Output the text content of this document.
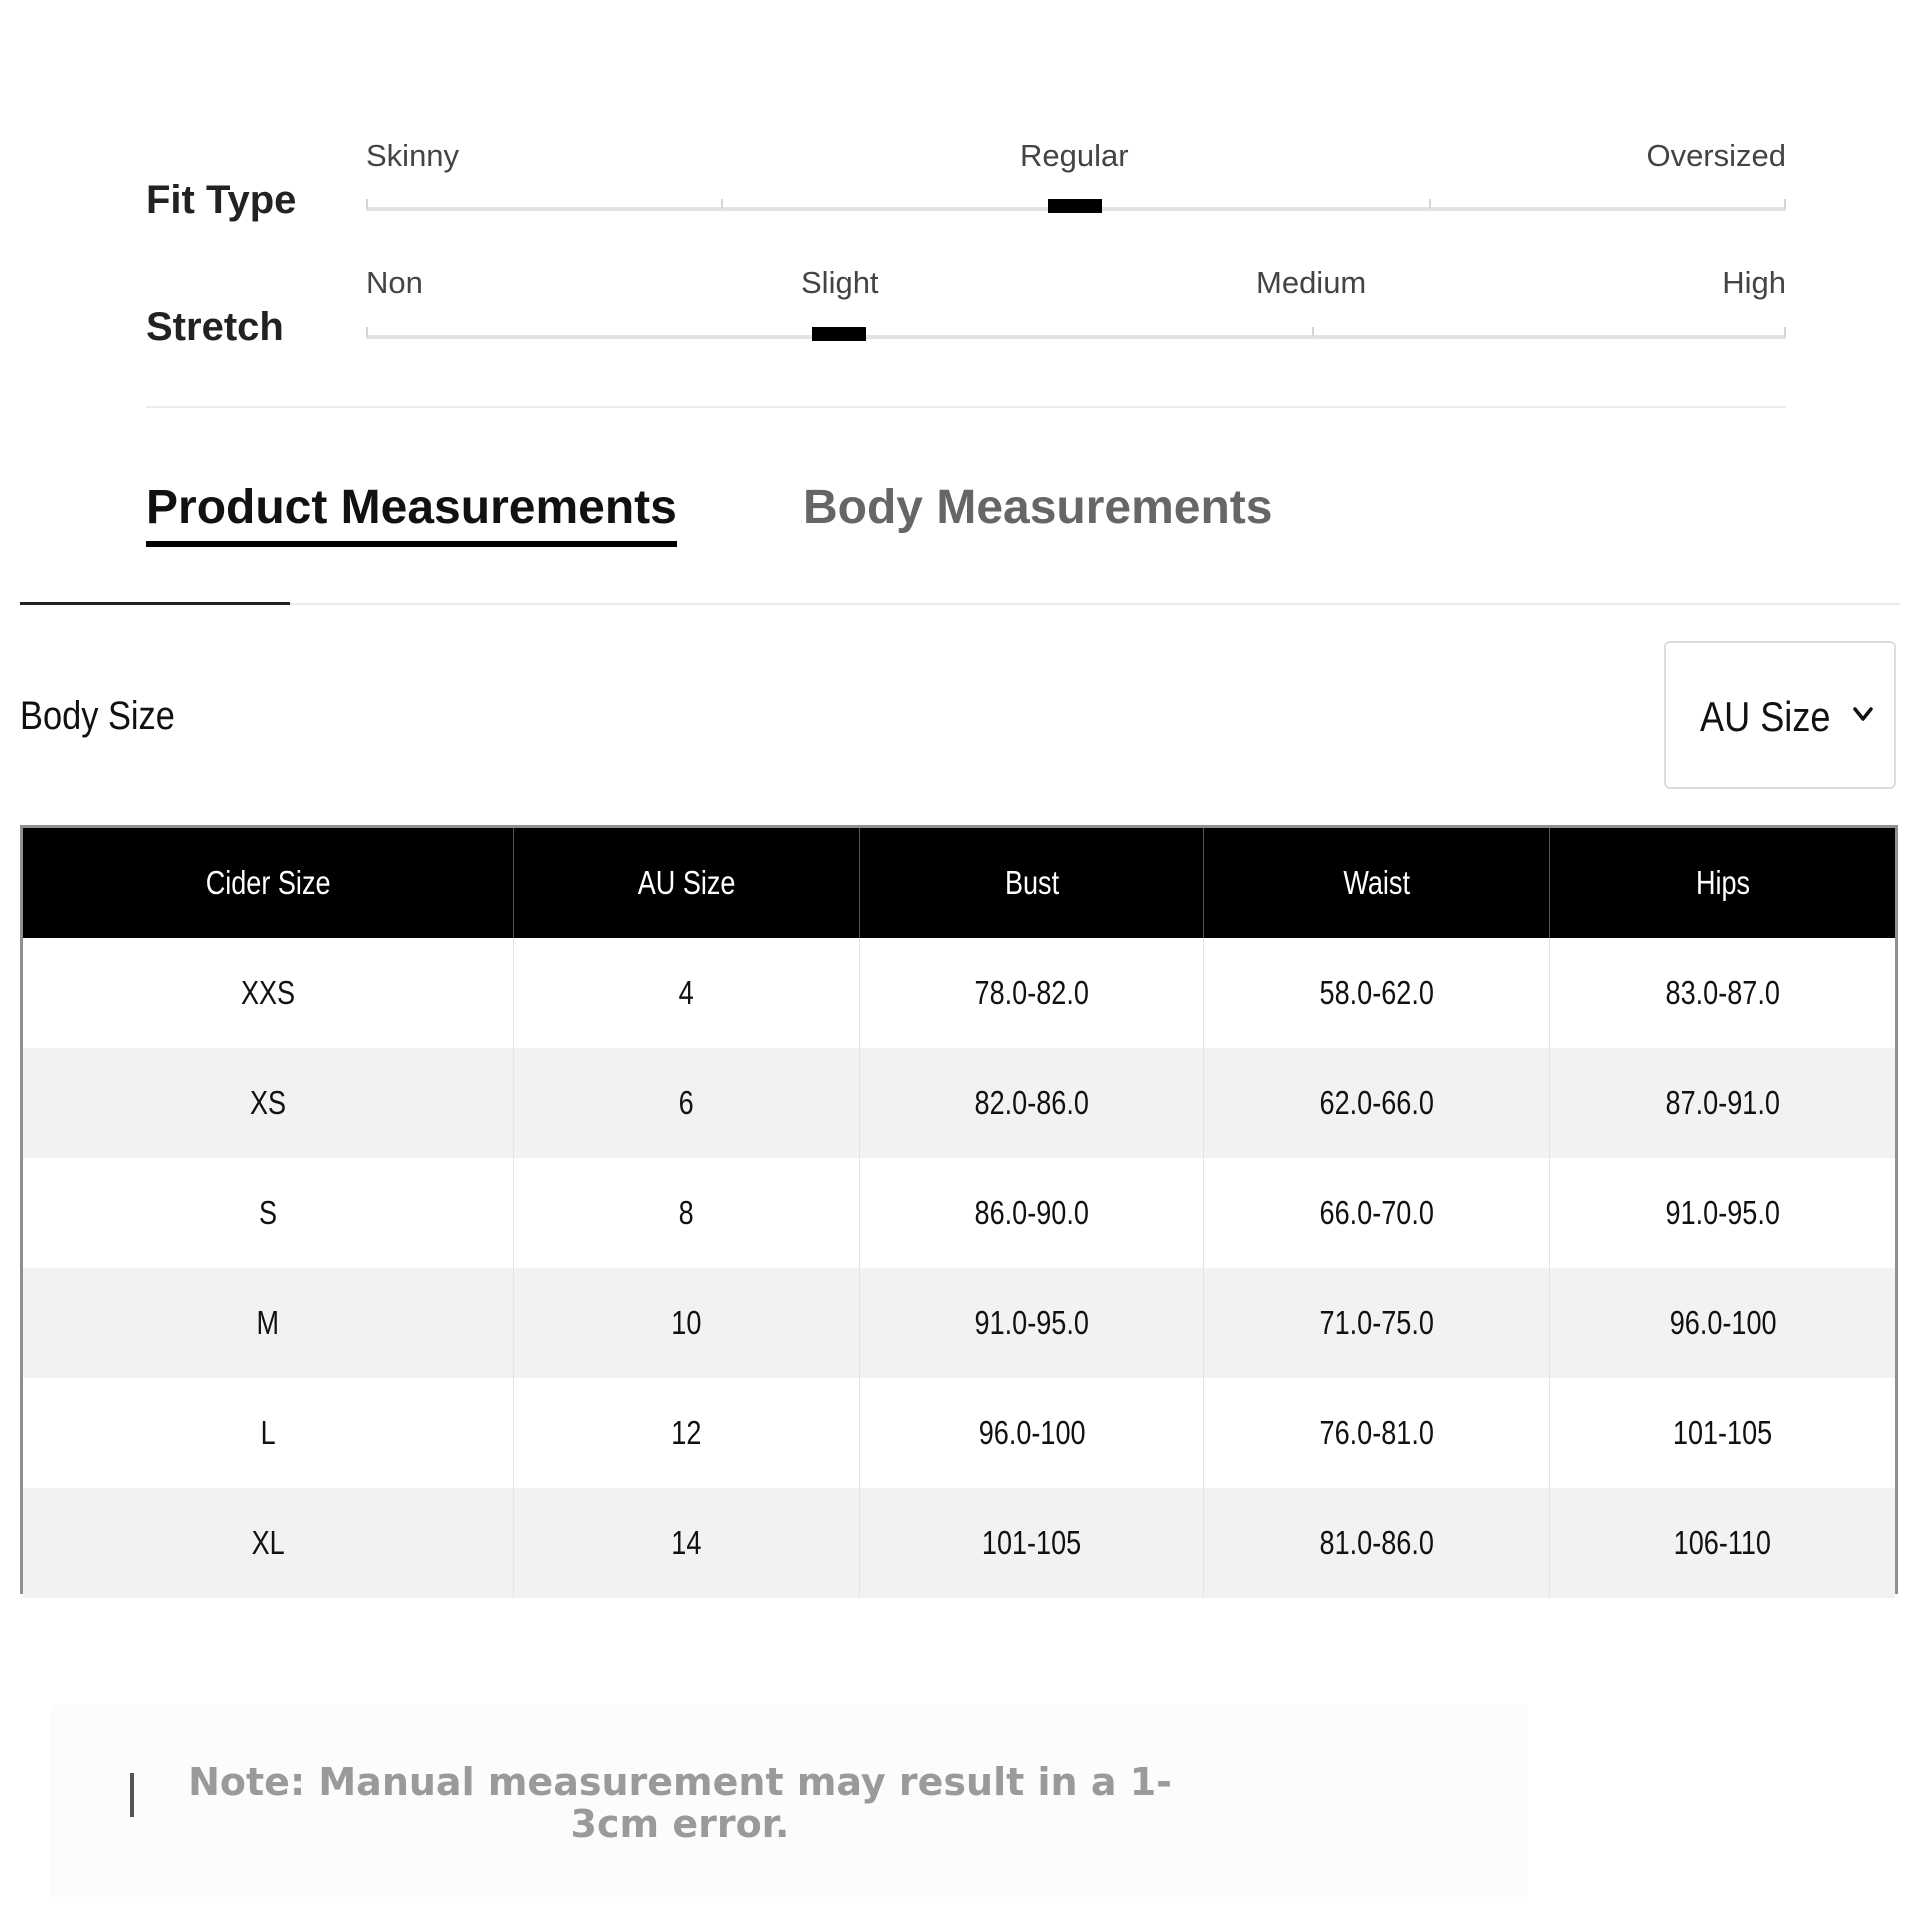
Fit Type
Skinny	Regular	Oversized
Stretch
Non	Slight	Medium	High
Product Measurements	Body Measurements
Body Size	AU Size
Cider Size	AU Size	Bust	Waist	Hips
XXS	4	78.0-82.0	58.0-62.0	83.0-87.0
XS	6	82.0-86.0	62.0-66.0	87.0-91.0
S	8	86.0-90.0	66.0-70.0	91.0-95.0
M	10	91.0-95.0	71.0-75.0	96.0-100
L	12	96.0-100	76.0-81.0	101-105
XL	14	101-105	81.0-86.0	106-110
Note: Manual measurement may result in a 1-3cm error.
